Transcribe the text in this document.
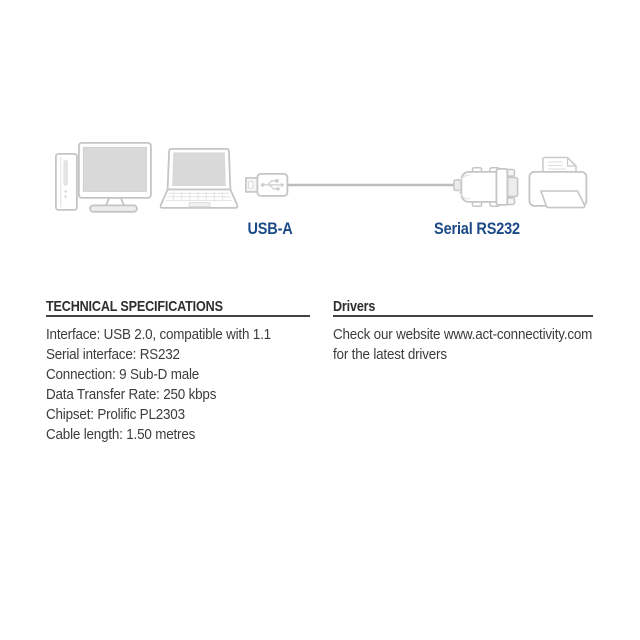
USB-A	Serial RS232
TECHNICAL SPECIFICATIONS
Interface: USB 2.0, compatible with 1.1
Serial interface: RS232
Connection: 9 Sub-D male
Data Transfer Rate: 250 kbps
Chipset: Prolific PL2303
Cable length: 1.50 metres
Drivers
Check our website www.act-connectivity.com
for the latest drivers
